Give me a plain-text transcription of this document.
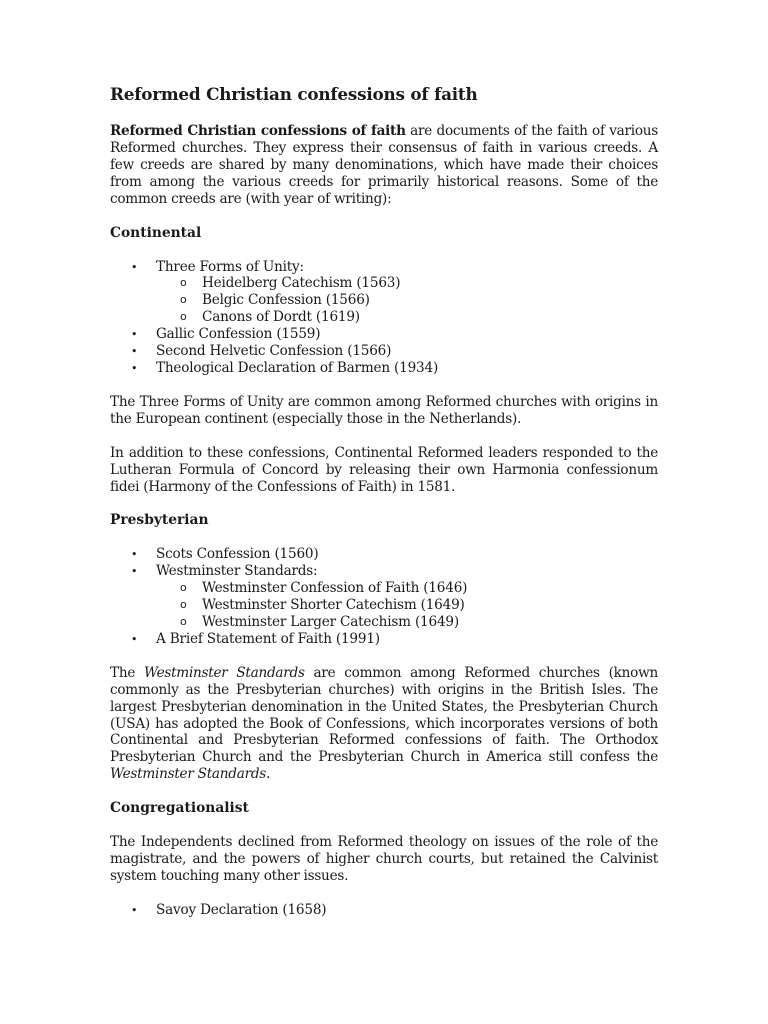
Reformed Christian confessions of faith

Reformed Christian confessions of faith are documents of the faith of various Reformed churches. They express their consensus of faith in various creeds. A few creeds are shared by many denominations, which have made their choices from among the various creeds for primarily historical reasons. Some of the common creeds are (with year of writing):

Continental
• Three Forms of Unity:
o Heidelberg Catechism (1563)
o Belgic Confession (1566)
o Canons of Dordt (1619)
• Gallic Confession (1559)
• Second Helvetic Confession (1566)
• Theological Declaration of Barmen (1934)

The Three Forms of Unity are common among Reformed churches with origins in the European continent (especially those in the Netherlands).

In addition to these confessions, Continental Reformed leaders responded to the Lutheran Formula of Concord by releasing their own Harmonia confessionum fidei (Harmony of the Confessions of Faith) in 1581.

Presbyterian
• Scots Confession (1560)
• Westminster Standards:
o Westminster Confession of Faith (1646)
o Westminster Shorter Catechism (1649)
o Westminster Larger Catechism (1649)
• A Brief Statement of Faith (1991)

The Westminster Standards are common among Reformed churches (known commonly as the Presbyterian churches) with origins in the British Isles. The largest Presbyterian denomination in the United States, the Presbyterian Church (USA) has adopted the Book of Confessions, which incorporates versions of both Continental and Presbyterian Reformed confessions of faith. The Orthodox Presbyterian Church and the Presbyterian Church in America still confess the Westminster Standards.

Congregationalist

The Independents declined from Reformed theology on issues of the role of the magistrate, and the powers of higher church courts, but retained the Calvinist system touching many other issues.

• Savoy Declaration (1658)
